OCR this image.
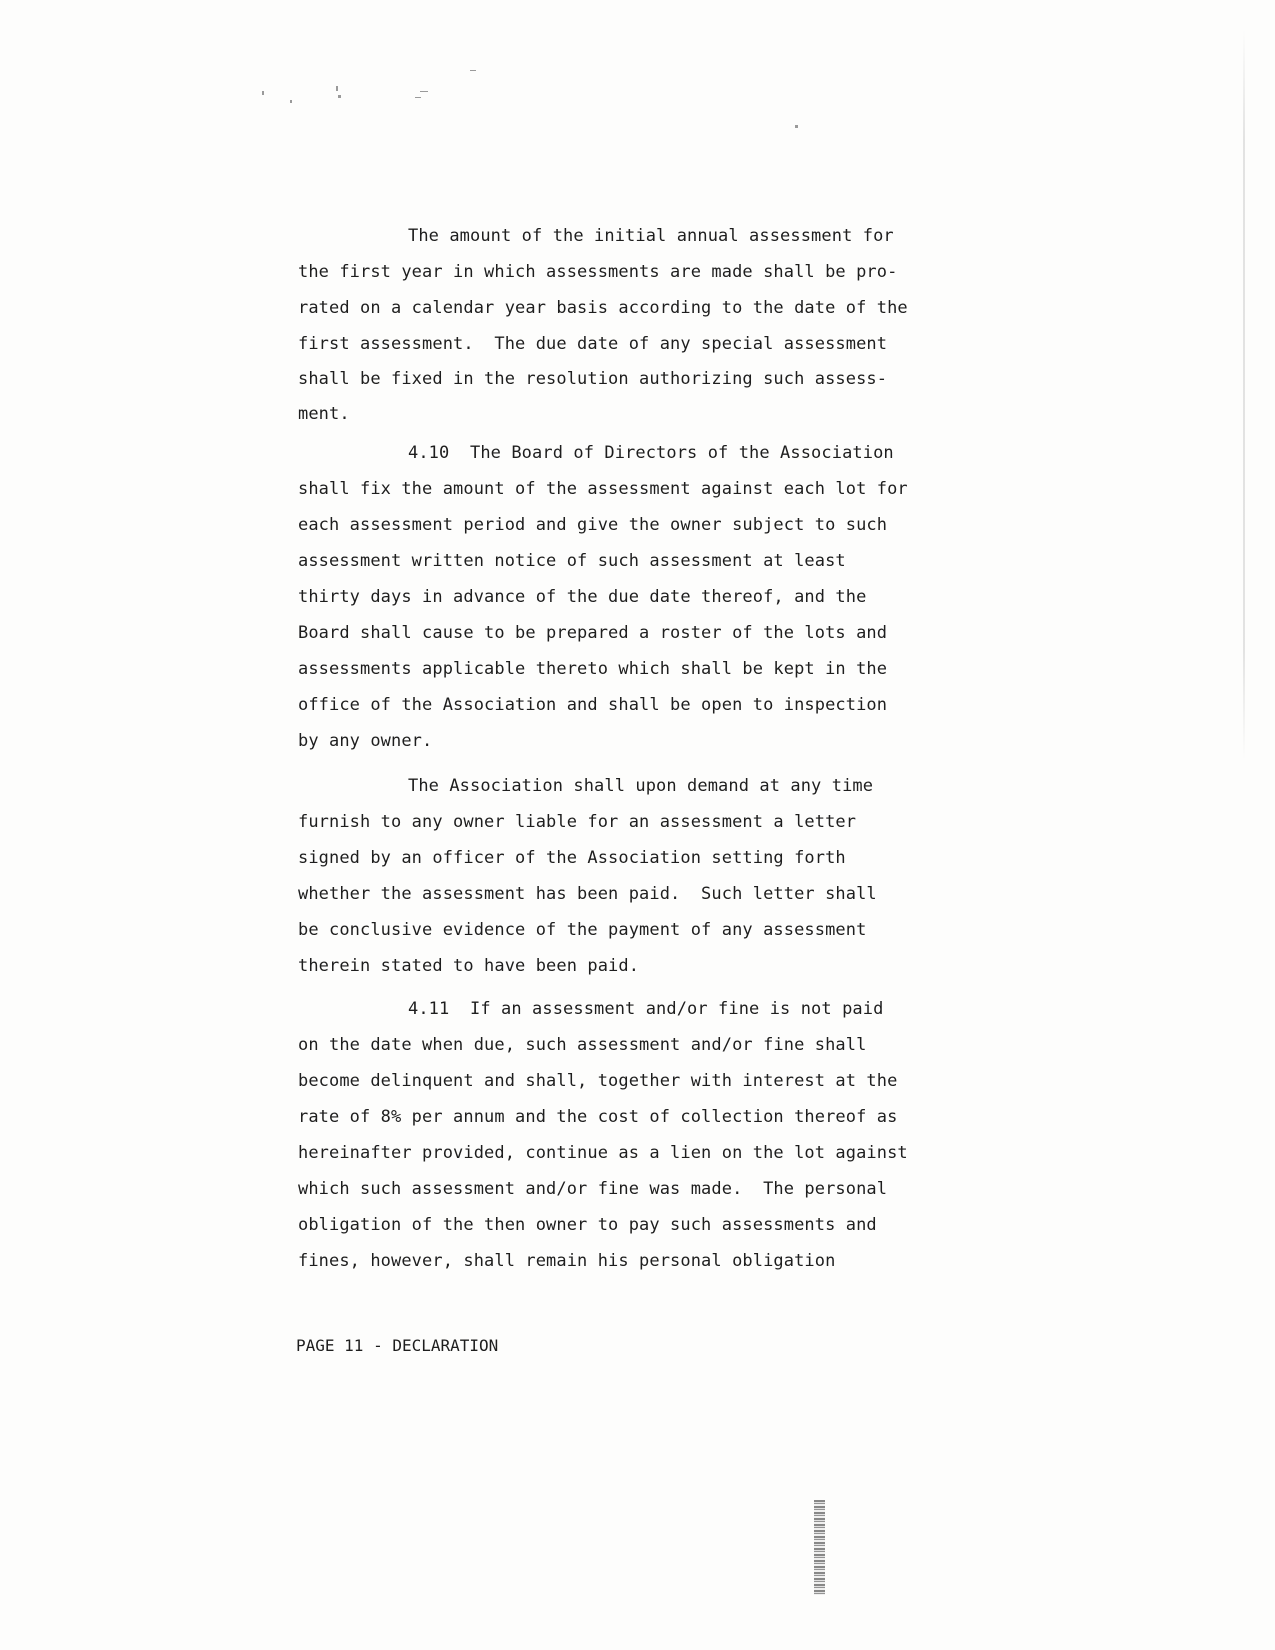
The amount of the initial annual assessment for
the first year in which assessments are made shall be pro-
rated on a calendar year basis according to the date of the
first assessment.  The due date of any special assessment
shall be fixed in the resolution authorizing such assess-
ment.
4.10  The Board of Directors of the Association
shall fix the amount of the assessment against each lot for
each assessment period and give the owner subject to such
assessment written notice of such assessment at least
thirty days in advance of the due date thereof, and the
Board shall cause to be prepared a roster of the lots and
assessments applicable thereto which shall be kept in the
office of the Association and shall be open to inspection
by any owner.
The Association shall upon demand at any time
furnish to any owner liable for an assessment a letter
signed by an officer of the Association setting forth
whether the assessment has been paid.  Such letter shall
be conclusive evidence of the payment of any assessment
therein stated to have been paid.
4.11  If an assessment and/or fine is not paid
on the date when due, such assessment and/or fine shall
become delinquent and shall, together with interest at the
rate of 8% per annum and the cost of collection thereof as
hereinafter provided, continue as a lien on the lot against
which such assessment and/or fine was made.  The personal
obligation of the then owner to pay such assessments and
fines, however, shall remain his personal obligation
PAGE 11 - DECLARATION
